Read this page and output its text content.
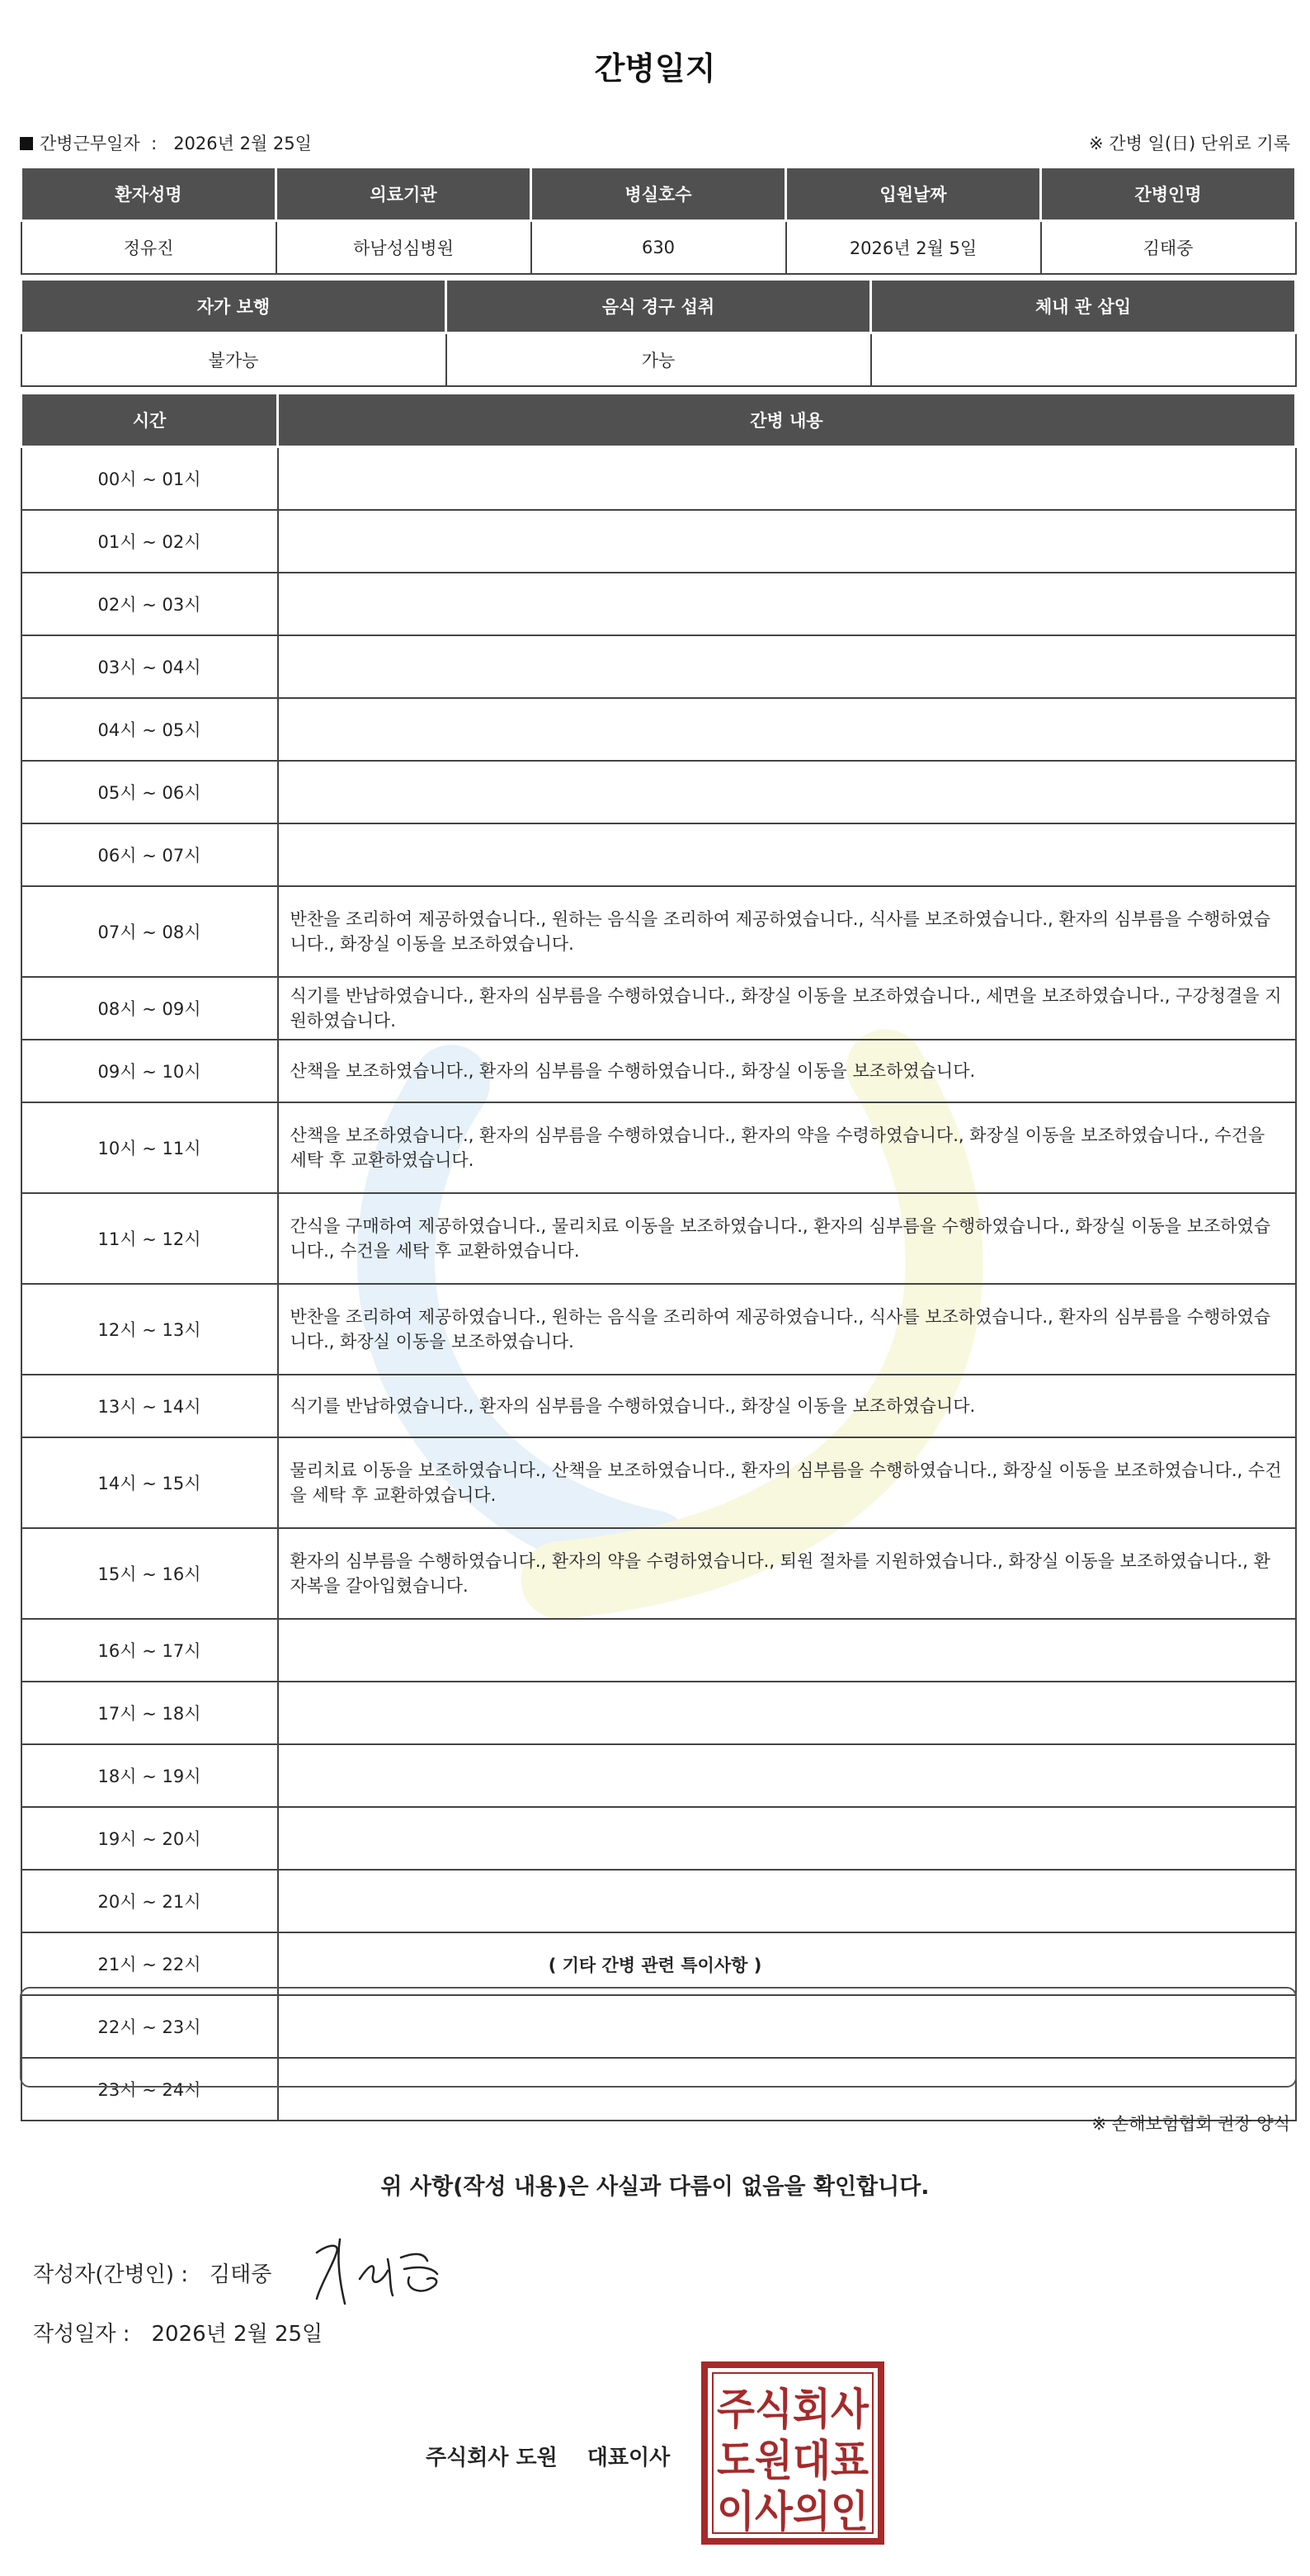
간병일지
간병근무일자 : 2026년 2월 25일	※ 간병 일(日) 단위로 기록
환자성명	의료기관	병실호수	입원날짜	간병인명
정유진	하남성심병원	630	2026년 2월 5일	김태중
자가 보행	음식 경구 섭취	체내 관 삽입
불가능	가능	
시간	간병 내용
00시 ~ 01시	
01시 ~ 02시	
02시 ~ 03시	
03시 ~ 04시	
04시 ~ 05시	
05시 ~ 06시	
06시 ~ 07시	
07시 ~ 08시	반찬을 조리하여 제공하였습니다., 원하는 음식을 조리하여 제공하였습니다., 식사를 보조하였습니다., 환자의 심부름을 수행하였습니다., 화장실 이동을 보조하였습니다.
08시 ~ 09시	식기를 반납하였습니다., 환자의 심부름을 수행하였습니다., 화장실 이동을 보조하였습니다., 세면을 보조하였습니다., 구강청결을 지원하였습니다.
09시 ~ 10시	산책을 보조하였습니다., 환자의 심부름을 수행하였습니다., 화장실 이동을 보조하였습니다.
10시 ~ 11시	산책을 보조하였습니다., 환자의 심부름을 수행하였습니다., 환자의 약을 수령하였습니다., 화장실 이동을 보조하였습니다., 수건을 세탁 후 교환하였습니다.
11시 ~ 12시	간식을 구매하여 제공하였습니다., 물리치료 이동을 보조하였습니다., 환자의 심부름을 수행하였습니다., 화장실 이동을 보조하였습니다., 수건을 세탁 후 교환하였습니다.
12시 ~ 13시	반찬을 조리하여 제공하였습니다., 원하는 음식을 조리하여 제공하였습니다., 식사를 보조하였습니다., 환자의 심부름을 수행하였습니다., 화장실 이동을 보조하였습니다.
13시 ~ 14시	식기를 반납하였습니다., 환자의 심부름을 수행하였습니다., 화장실 이동을 보조하였습니다.
14시 ~ 15시	물리치료 이동을 보조하였습니다., 산책을 보조하였습니다., 환자의 심부름을 수행하였습니다., 화장실 이동을 보조하였습니다., 수건을 세탁 후 교환하였습니다.
15시 ~ 16시	환자의 심부름을 수행하였습니다., 환자의 약을 수령하였습니다., 퇴원 절차를 지원하였습니다., 화장실 이동을 보조하였습니다., 환자복을 갈아입혔습니다.
16시 ~ 17시	
17시 ~ 18시	
18시 ~ 19시	
19시 ~ 20시	
20시 ~ 21시	
21시 ~ 22시	
22시 ~ 23시	
23시 ~ 24시	
( 기타 간병 관련 특이사항 )
※ 손해보험협회 권장 양식
위 사항(작성 내용)은 사실과 다름이 없음을 확인합니다.
작성자(간병인) : 김태중
작성일자 : 2026년 2월 25일
주식회사 도원 대표이사
주식회사
도원대표
이사의인
